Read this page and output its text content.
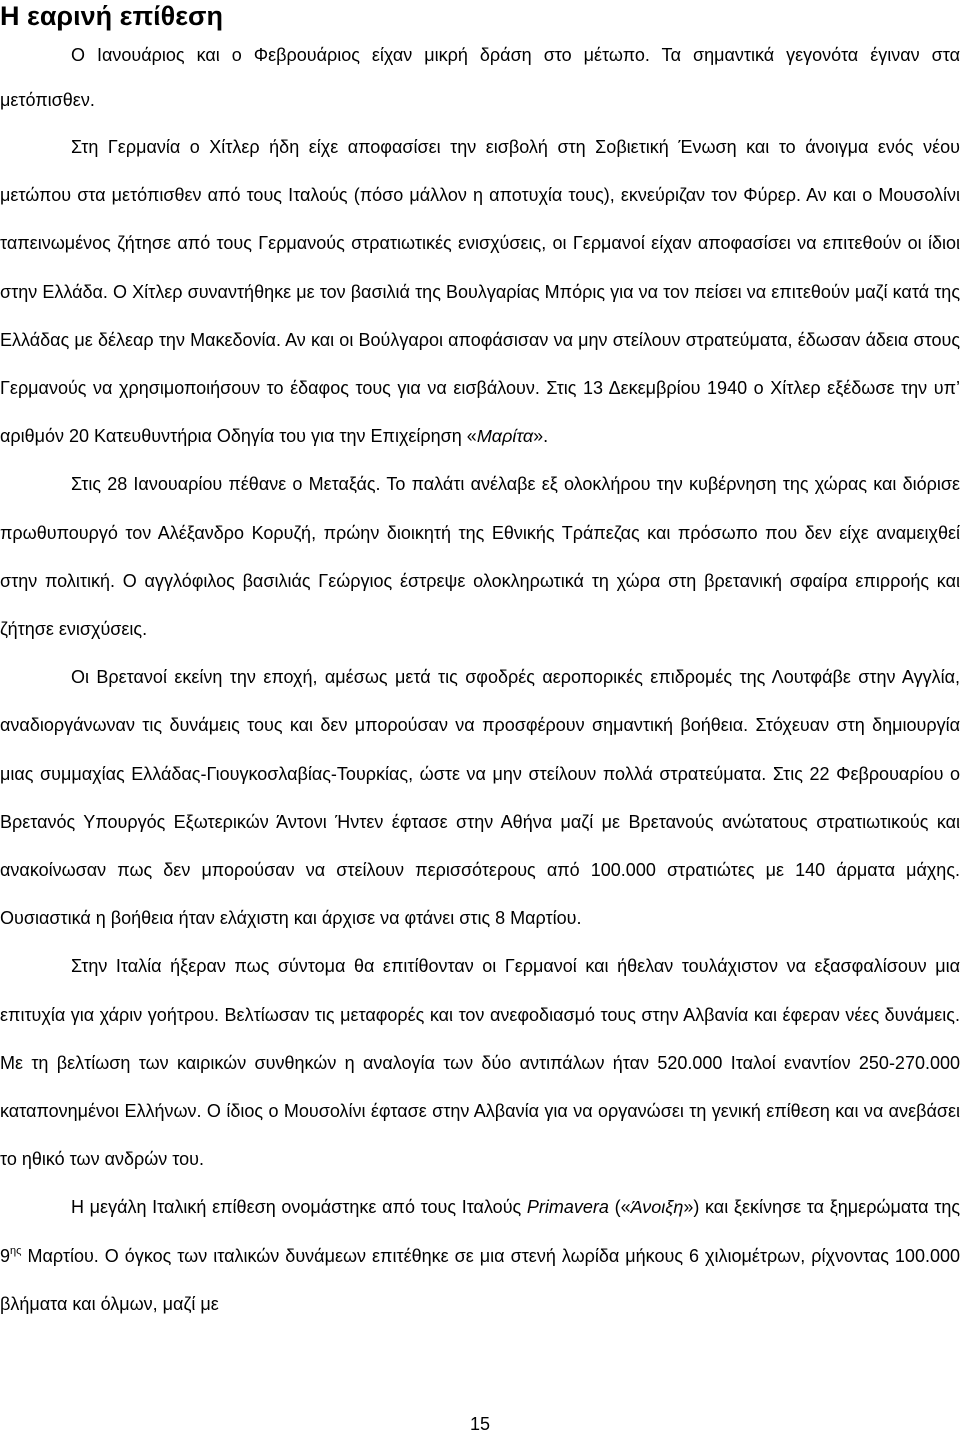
Η εαρινή επίθεση

Ο Ιανουάριος και ο Φεβρουάριος είχαν μικρή δράση στο μέτωπο. Τα σημαντικά γεγονότα έγιναν στα μετόπισθεν.

Στη Γερμανία ο Χίτλερ ήδη είχε αποφασίσει την εισβολή στη Σοβιετική Ένωση και το άνοιγμα ενός νέου μετώπου στα μετόπισθεν από τους Ιταλούς (πόσο μάλλον η αποτυχία τους), εκνεύριζαν τον Φύρερ. Αν και ο Μουσολίνι ταπεινωμένος ζήτησε από τους Γερμανούς στρατιωτικές ενισχύσεις, οι Γερμανοί είχαν αποφασίσει να επιτεθούν οι ίδιοι στην Ελλάδα. Ο Χίτλερ συναντήθηκε με τον βασιλιά της Βουλγαρίας Μπόρις για να τον πείσει να επιτεθούν μαζί κατά της Ελλάδας με δέλεαρ την Μακεδονία. Αν και οι Βούλγαροι αποφάσισαν να μην στείλουν στρατεύματα, έδωσαν άδεια στους Γερμανούς να χρησιμοποιήσουν το έδαφος τους για να εισβάλουν. Στις 13 Δεκεμβρίου 1940 ο Χίτλερ εξέδωσε την υπ’ αριθμόν 20 Κατευθυντήρια Οδηγία του για την Επιχείρηση «Μαρίτα».

Στις 28 Ιανουαρίου πέθανε ο Μεταξάς. Το παλάτι ανέλαβε εξ ολοκλήρου την κυβέρνηση της χώρας και διόρισε πρωθυπουργό τον Αλέξανδρο Κορυζή, πρώην διοικητή της Εθνικής Τράπεζας και πρόσωπο που δεν είχε αναμειχθεί στην πολιτική. Ο αγγλόφιλος βασιλιάς Γεώργιος έστρεψε ολοκληρωτικά τη χώρα στη βρετανική σφαίρα επιρροής και ζήτησε ενισχύσεις.

Οι Βρετανοί εκείνη την εποχή, αμέσως μετά τις σφοδρές αεροπορικές επιδρομές της Λουτφάβε στην Αγγλία, αναδιοργάνωναν τις δυνάμεις τους και δεν μπορούσαν να προσφέρουν σημαντική βοήθεια. Στόχευαν στη δημιουργία μιας συμμαχίας Ελλάδας-Γιουγκοσλαβίας-Τουρκίας, ώστε να μην στείλουν πολλά στρατεύματα. Στις 22 Φεβρουαρίου ο Βρετανός Υπουργός Εξωτερικών Άντονι Ήντεν έφτασε στην Αθήνα μαζί με Βρετανούς ανώτατους στρατιωτικούς και ανακοίνωσαν πως δεν μπορούσαν να στείλουν περισσότερους από 100.000 στρατιώτες με 140 άρματα μάχης. Ουσιαστικά η βοήθεια ήταν ελάχιστη και άρχισε να φτάνει στις 8 Μαρτίου.

Στην Ιταλία ήξεραν πως σύντομα θα επιτίθονταν οι Γερμανοί και ήθελαν τουλάχιστον να εξασφαλίσουν μια επιτυχία για χάριν γοήτρου. Βελτίωσαν τις μεταφορές και τον ανεφοδιασμό τους στην Αλβανία και έφεραν νέες δυνάμεις. Με τη βελτίωση των καιρικών συνθηκών η αναλογία των δύο αντιπάλων ήταν 520.000 Ιταλοί εναντίον 250-270.000 καταπονημένοι Ελλήνων. Ο ίδιος ο Μουσολίνι έφτασε στην Αλβανία για να οργανώσει τη γενική επίθεση και να ανεβάσει το ηθικό των ανδρών του.

Η μεγάλη Ιταλική επίθεση ονομάστηκε από τους Ιταλούς Primavera («Άνοιξη») και ξεκίνησε τα ξημερώματα της $9^{\eta\varsigma}$ Μαρτίου. Ο όγκος των ιταλικών δυνάμεων επιτέθηκε σε μια στενή λωρίδα μήκους 6 χιλιομέτρων, ρίχνοντας 100.000 βλήματα και όλμων, μαζί με

15
